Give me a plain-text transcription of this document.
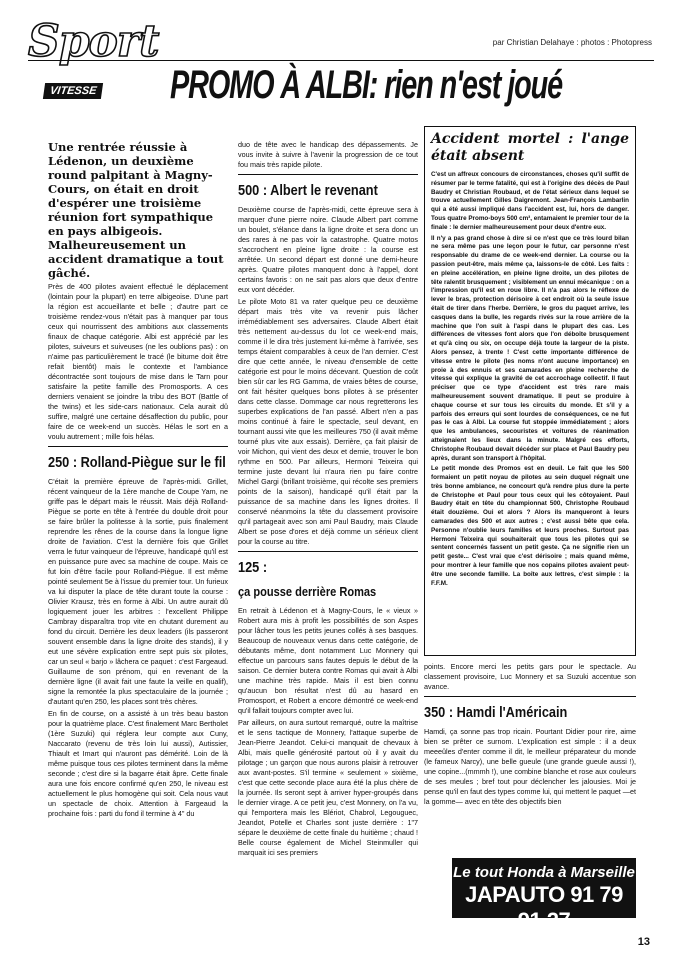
Sport	par Christian Delahaye : photos : Photopress
VITESSE PROMO À ALBI: rien n'est joué

Une rentrée réussie à Lédenon, un deuxième round palpitant à Magny-Cours, on était en droit d'espérer une troisième réunion fort sympathique en pays albigeois. Malheureusement un accident dramatique a tout gâché.

Près de 400 pilotes avaient effectué le déplacement (lointain pour la plupart) en terre albigeoise. D'une part la région est accueillante et belle ; d'autre part ce troisième rendez-vous n'était pas à manquer par tous ceux qui nourrissent des ambitions aux classements finaux de chaque catégorie. Albi est apprécié par les pilotes, suiveurs et suiveuses (ne les oublions pas) : on n'aime pas particulièrement le tracé (le bitume doit être refait bientôt) mais le contexte et l'ambiance décontractée sont toujours de mise dans le Tarn pour satisfaire la petite famille des Promosports. A ces derniers venaient se joindre la tribu des BOT (Battle of the twins) et les side-cars nationaux. Cela aurait dû suffire, malgré une certaine désaffection du public, pour faire de ce week-end un succès. Hélas le sort en a voulu autrement ; mille fois hélas.

250 : Rolland-Piègue sur le fil

C'était la première épreuve de l'après-midi. Grillet, récent vainqueur de la 1ère manche de Coupe Yam, ne griffe pas le départ mais le réussit. Mais déjà Rolland-Piègue se porte en tête à l'entrée du double droit pour se faire brûler la politesse à la sortie, puis finalement reprendre les rênes de la course dans la longue ligne droite de l'aviation. C'est la dernière fois que Grillet verra le futur vainqueur de l'épreuve, handicapé qu'il est en puissance pure avec sa machine de coupe. Mais ce fut loin d'être facile pour Rolland-Piègue. Il est même pointé seulement 5e à l'issue du premier tour. Un furieux va lui disputer la place de tête durant toute la course : Olivier Krausz, très en forme à Albi. Un autre aurait dû logiquement jouer les arbitres : l'excellent Philippe Cambray disparaîtra trop vite en chutant durement au fond du circuit. Derrière les deux leaders (ils passeront souvent ensemble dans la ligne droite des stands), il y eut une sévère explication entre sept puis six pilotes, car un seul « barjo » lâchera ce paquet : c'est Fargeaud. Guillaume de son prénom, qui en revenant de la dernière ligne (il avait fait une faute la veille en qualif), signe la remontée la plus spectaculaire de la journée ; d'autant qu'en 250, les places sont très chères.

En fin de course, on a assisté à un très beau baston pour la quatrième place. C'est finalement Marc Bertholet (1ère Suzuki) qui réglera leur compte aux Cuny, Naccarato (revenu de très loin lui aussi), Autissier, Thiault et Imart qui n'auront pas démérité. Loin de là même puisque tous ces pilotes terminent dans la même seconde ; c'est dire si la bagarre était âpre. Cette finale aura une fois encore confirmé qu'en 250, le niveau est actuellement le plus homogène qui soit. Cela nous vaut un spectacle de choix. Attention à Fargeaud la prochaine fois : parti du fond il termine à 4" du

duo de tête avec le handicap des dépassements. Je vous invite à suivre à l'avenir la progression de ce tout fou mais très rapide pilote.

500 : Albert le revenant

Deuxième course de l'après-midi, cette épreuve sera à marquer d'une pierre noire. Claude Albert part comme un boulet, s'élance dans la ligne droite et sera donc un des rares à ne pas voir la catastrophe. Quatre motos s'accrochent en pleine ligne droite : la course est arrêtée. Un second départ est donné une demi-heure après. Quatre pilotes manquent donc à l'appel, dont certains favoris : on ne sait pas alors que deux d'entre eux vont décéder.

Le pilote Moto 81 va rater quelque peu ce deuxième départ mais très vite va revenir puis lâcher irrémédiablement ses adversaires. Claude Albert était très nettement au-dessus du lot ce week-end mais, comme il le dira très justement lui-même à l'arrivée, ses temps étaient comparables à ceux de l'an dernier. C'est dire que cette année, le niveau d'ensemble de cette catégorie est pour le moins décevant. Question de coût bien sûr car les RG Gamma, de vraies bêtes de course, ont fait hésiter quelques bons pilotes à se présenter dans cette classe. Dommage car nous regretterons les superbes explications de l'an passé. Albert n'en a pas moins continué à faire le spectacle, seul devant, en tournant aussi vite que les meilleures 750 (il avait même tourné plus vite aux essais). Derrière, ça fait plaisir de voir Michon, qui vient des deux et demie, trouver le bon rythme en 500. Par ailleurs, Hermoni Teixeira qui termine juste devant lui n'aura rien pu faire contre Michel Gargi (brillant troisième, qui récolte ses premiers points de la saison), handicapé qu'il était par la puissance de sa machine dans les lignes droites. Il conservé néanmoins la tête du classement provisoire qu'il partageait avec son ami Paul Baudry, mais Claude Albert se pose d'ores et déjà comme un sérieux client pour la course au titre.

125 :
ça pousse derrière Romas

En retrait à Lédenon et à Magny-Cours, le « vieux » Robert aura mis à profit les possibilités de son Aspes pour lâcher tous les petits jeunes collés à ses basques. Beaucoup de nouveaux venus dans cette catégorie, de débutants même, dont notamment Luc Monnery qui effectue un parcours sans fautes depuis le début de la saison. Ce dernier butera contre Romas qui avait à Albi une machine très rapide. Mais il est bien connu qu'aucun bon résultat n'est dû au hasard en Promosport, et Robert a encore démontré ce week-end qu'il fallait toujours compter avec lui.

Par ailleurs, on aura surtout remarqué, outre la maîtrise et le sens tactique de Monnery, l'attaque superbe de Jean-Pierre Jeandot. Celui-ci manquait de chevaux à Albi, mais quelle générosité partout où il y avait du pilotage ; un garçon que nous aurons plaisir à retrouver aux avant-postes. S'il termine « seulement » sixième, c'est que cette seconde place aura été la plus chère de la journée. Ils seront sept à arriver hyper-groupés dans le dernier virage. A ce petit jeu, c'est Monnery, on l'a vu, qui l'emportera mais les Blériot, Chabrol, Legouguec, Jeandot, Potelle et Charles sont juste derrière : 1"7 sépare le deuxième de cette finale du huitième ; chaud ! Belle course également de Michel Steinmuller qui marquait ici ses premiers

Accident mortel : l'ange était absent

C'est un affreux concours de circonstances, choses qu'il suffit de résumer par le terme fatalité, qui est à l'origine des décès de Paul Baudry et Christian Roubaud, et de l'état sérieux dans lequel se trouve actuellement Gilles Daigremont. Jean-François Lambarlin qui a été aussi impliqué dans l'accident est, lui, hors de danger. Tous quatre Promo-boys 500 cm³, entamaient le premier tour de la finale : le dernier malheureusement pour deux d'entre eux.

Il n'y a pas grand chose à dire si ce n'est que ce très lourd bilan ne sera même pas une leçon pour le futur, car personne n'est responsable du drame de ce week-end dernier. La course ou la passion peut-être, mais même ça, laissons-le de côté. Les faits : en pleine accélération, en pleine ligne droite, un des pilotes de tête ralentit brusquement ; visiblement un ennui mécanique : on a l'impression qu'il est en roue libre. Il n'a pas alors le réflexe de lever le bras, protection dérisoire à cet endroit où la seule issue était de tirer dans l'herbe. Derrière, le gros du paquet arrive, les casques dans la bulle, les regards rivés sur la roue arrière de la machine que l'on suit à l'aspi dans le plupart des cas. Les différences de vitesses font alors que l'on déboîte brusquement et qu'à cinq ou six, on occupe déjà toute la largeur de la piste. Alors pensez, à trente ! C'est cette importante différence de vitesse entre le pilote (les noms n'ont aucune importance) en proie à des ennuis et ses camarades en pleine recherche de vitesse qui explique la gravité de cet accrochage collectif. Il faut préciser que ce type d'accident est très rare mais malheureusement souvent dramatique. Il peut se produire à chaque course et sur tous les circuits du monde. Et s'il y a parfois des erreurs qui sont lourdes de conséquences, ce ne fut pas le cas à Albi. La course fut stoppée immédiatement ; alors que les ambulances, secouristes et voitures de réanimation atteignaient les lieux dans la minute. Malgré ces efforts, Christophe Roubaud devait décéder sur place et Paul Baudry peu après, durant son transport à l'hôpital.

Le petit monde des Promos est en deuil. Le fait que les 500 formaient un petit noyau de pilotes au sein duquel régnait une très bonne ambiance, ne concourt qu'à rendre plus dure la perte de Christophe et Paul pour tous ceux qui les côtoyaient. Paul Baudry était en tête du championnat 500, Christophe Roubaud était douzième. Oui et alors ? Alors ils manqueront à leurs camarades des 500 et aux autres ; c'est aussi bête que cela. Personne n'oublie leurs familles et leurs proches. Surtout pas Hermoni Teixeira qui souhaiterait que tous les pilotes qui se sentent concernés fassent un petit geste. Ça ne signifie rien un petit geste... C'est vrai que c'est dérisoire ; mais quand même, pour montrer à leur famille que nos copains pilotes avaient peut-être une seconde famille. La boîte aux lettres, c'est simple : la F.F.M.

points. Encore merci les petits gars pour le spectacle. Au classement provisoire, Luc Monnery et sa Suzuki accentue son avance.

350 : Hamdi l'Américain

Hamdi, ça sonne pas trop ricain. Pourtant Didier pour rire, aime bien se prêter ce surnom. L'explication est simple : il a deux meeeûles d'enter comme il dit, le meilleur préparateur du monde (le fameux Narcy), une belle gueule (une grande gueule aussi !), une copine...(mmmh !), une combine blanche et rose aux couleurs de ses meules ; bref tout pour déclencher les jalousies. Moi je pense qu'il en faut des types comme lui, qui mettent le paquet —et la gomme— avec en tête des objectifs bien

Le tout Honda à Marseille
JAPAUTO 91 79 91 27
13
